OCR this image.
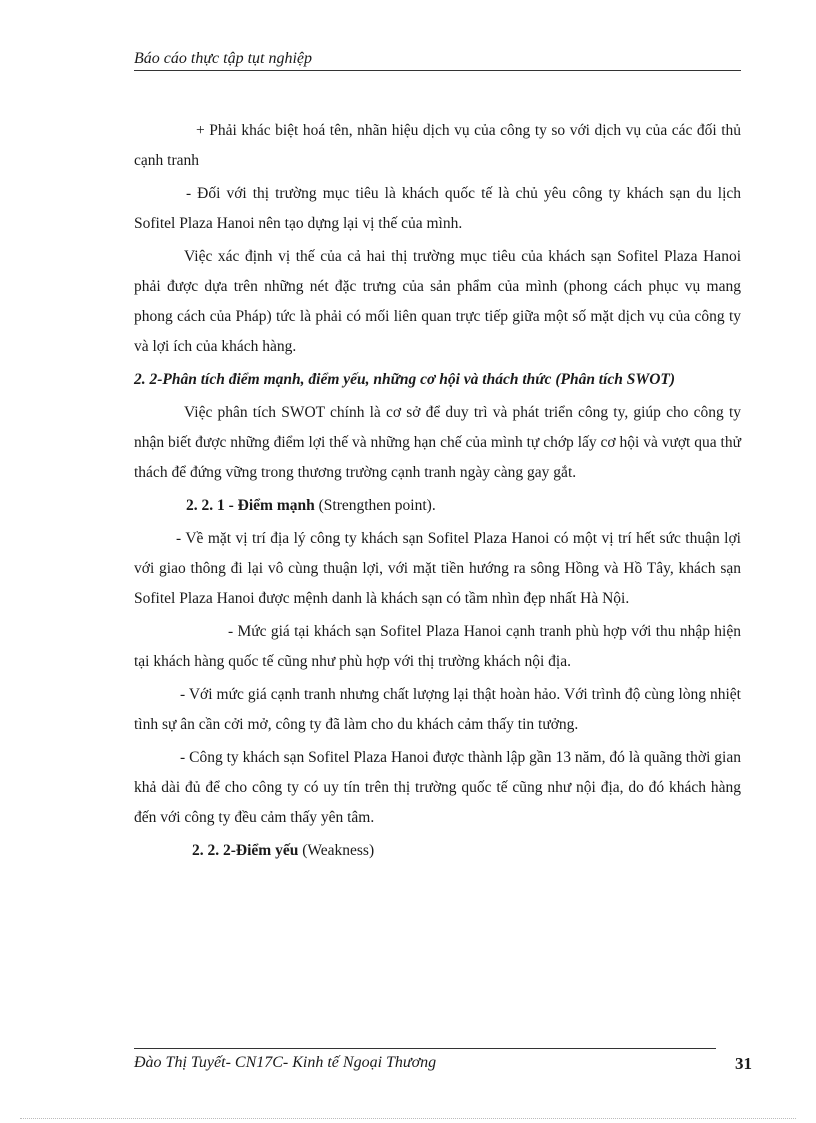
Báo cáo thực tập tụt nghiệp

+ Phải khác biệt hoá tên, nhãn hiệu dịch vụ của công ty so với dịch vụ của các đối thủ cạnh tranh

- Đối với thị trường mục tiêu là khách quốc tế là chủ yêu công ty khách sạn du lịch Sofitel Plaza Hanoi nên tạo dựng lại vị thế của mình.

Việc xác định vị thế của cả hai thị trường mục tiêu của khách sạn Sofitel Plaza Hanoi phải được dựa trên những nét đặc trưng của sản phẩm của mình (phong cách phục vụ mang phong cách của Pháp) tức là phải có mối liên quan trực tiếp giữa một số mặt dịch vụ của công ty và lợi ích của khách hàng.

2. 2-Phân tích điểm mạnh, điểm yếu, những cơ hội và thách thức (Phân tích SWOT)

Việc phân tích SWOT chính là cơ sở để duy trì và phát triển công ty, giúp cho công ty nhận biết được những điểm lợi thế và những hạn chế của mình tự chớp lấy cơ hội và vượt qua thử thách để đứng vững trong thương trường cạnh tranh ngày càng gay gắt.

2. 2. 1 - Điểm mạnh (Strengthen point).

- Về mặt vị trí địa lý công ty khách sạn Sofitel Plaza Hanoi có một vị trí hết sức thuận lợi với giao thông đi lại vô cùng thuận lợi, với mặt tiền hướng ra sông Hồng và Hồ Tây, khách sạn Sofitel Plaza Hanoi được mệnh danh là khách sạn có tầm nhìn đẹp nhất Hà Nội.

- Mức giá tại khách sạn Sofitel Plaza Hanoi cạnh tranh phù hợp với thu nhập hiện tại khách hàng quốc tế cũng như phù hợp với thị trường khách nội địa.

- Với mức giá cạnh tranh nhưng chất lượng lại thật hoàn hảo. Với trình độ cùng lòng nhiệt tình sự ân cần cởi mở, công ty đã làm cho du khách cảm thấy tin tưởng.

- Công ty khách sạn Sofitel Plaza Hanoi được thành lập gần 13 năm, đó là quãng thời gian khả dài đủ để cho công ty có uy tín trên thị trường quốc tế cũng như nội địa, do đó khách hàng đến với công ty đều cảm thấy yên tâm.

2. 2. 2-Điểm yếu (Weakness)

Đào Thị Tuyết- CN17C- Kinh tế Ngoại Thương	31
